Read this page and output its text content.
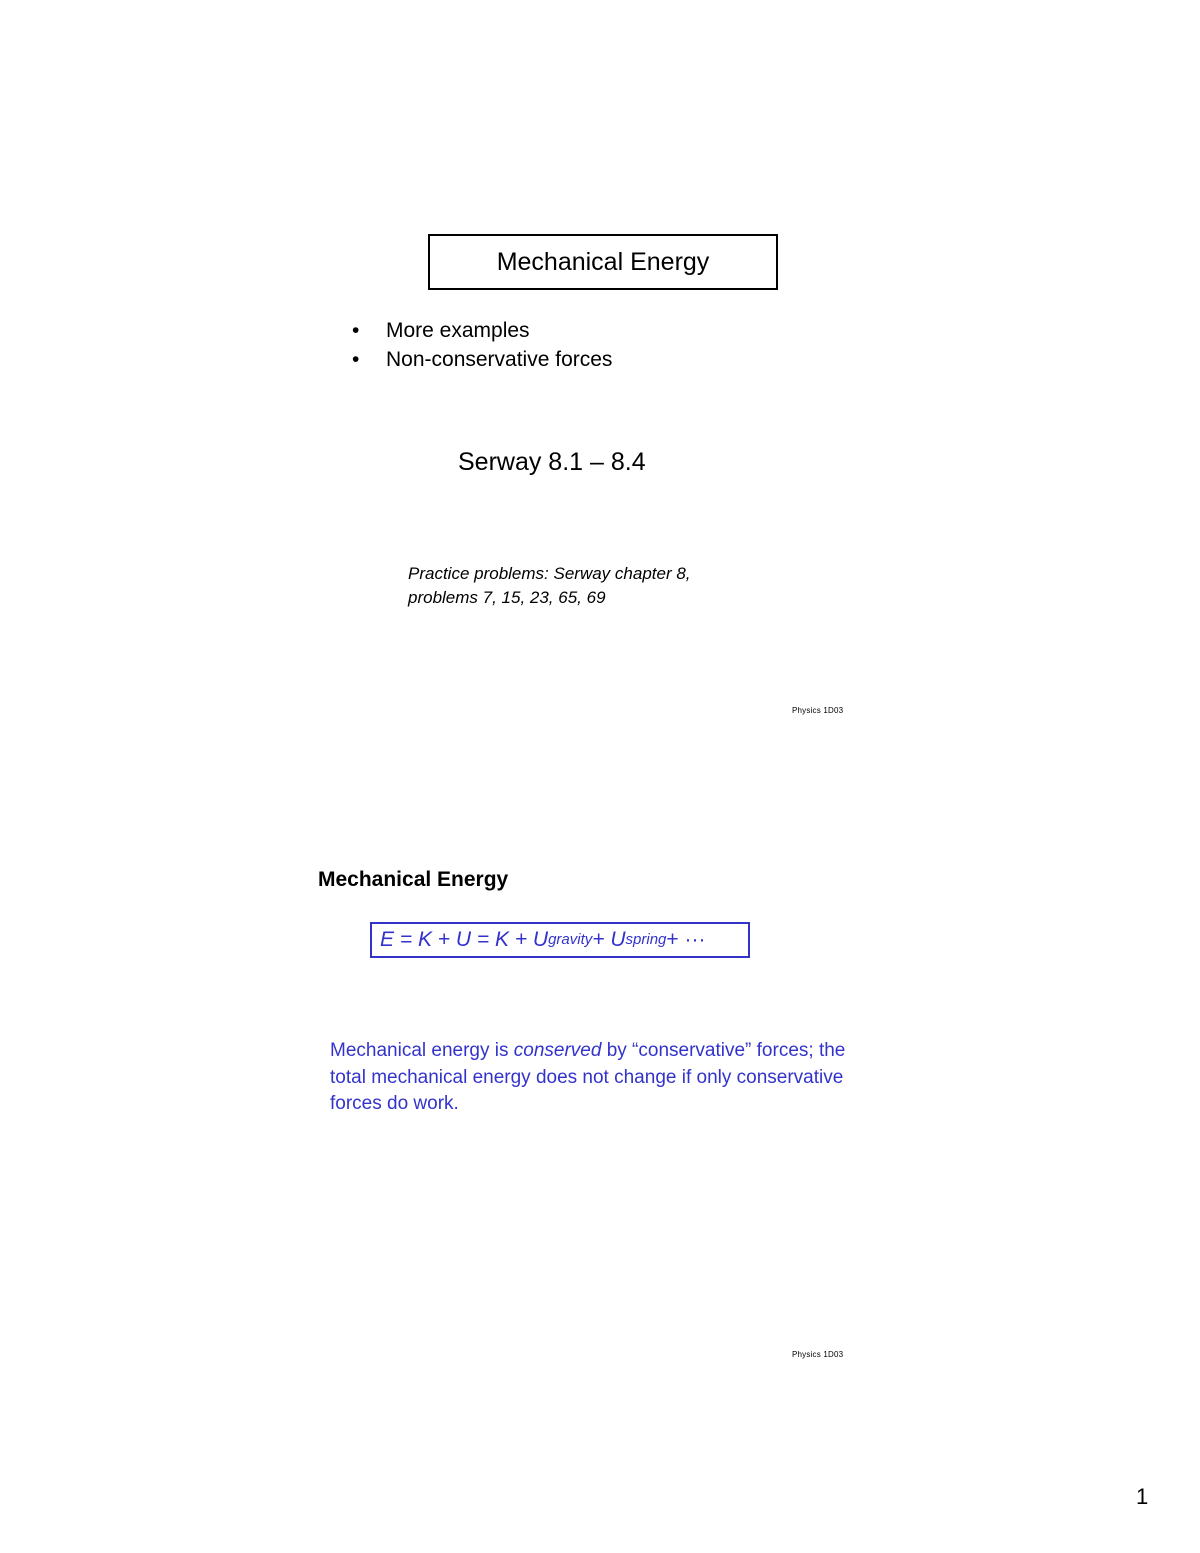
Mechanical Energy
•	More examples
•	Non-conservative forces
Serway 8.1 – 8.4
Practice problems: Serway chapter 8,
problems 7, 15, 23, 65, 69
Physics 1D03
Mechanical Energy
E = K + U = K + U gravity + U spring + ···
Mechanical energy is conserved by “conservative” forces; the total mechanical energy does not change if only conservative forces do work.
Physics 1D03
1
